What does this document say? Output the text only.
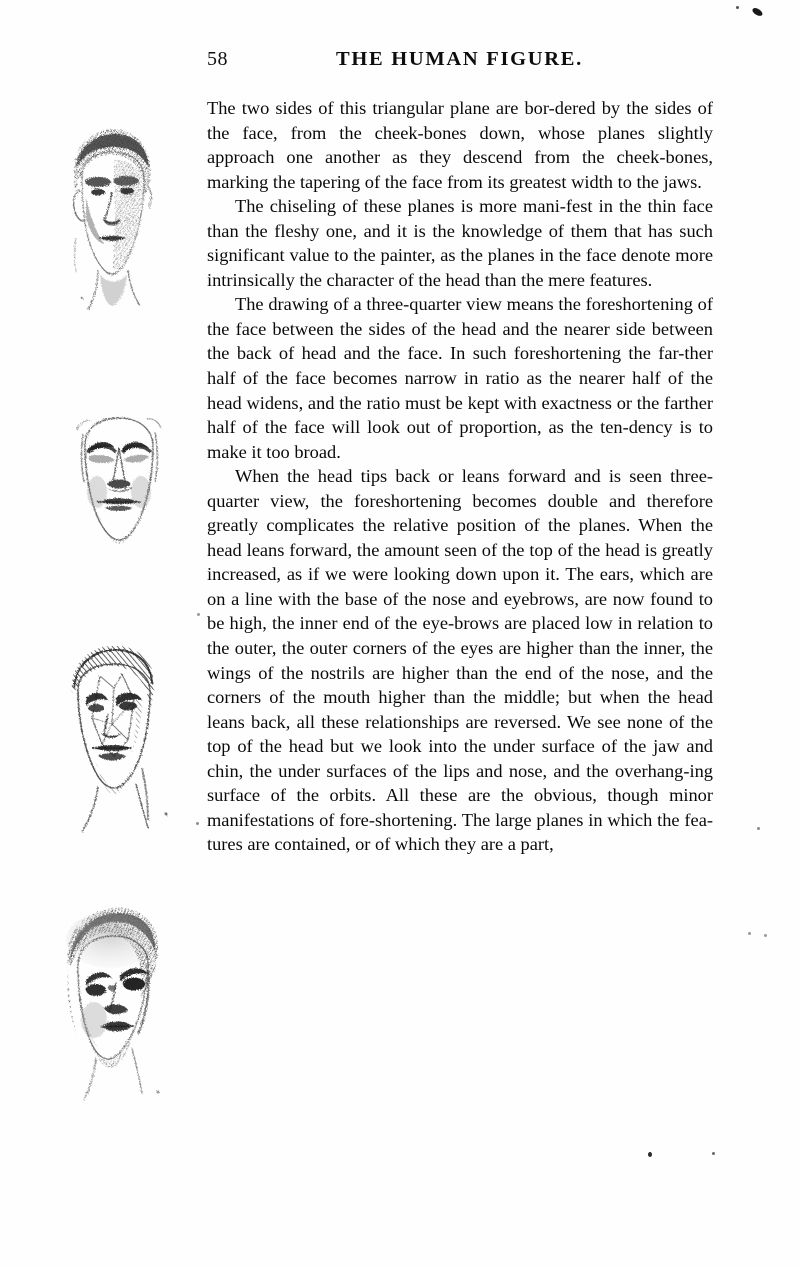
58	THE HUMAN FIGURE.

The two sides of this triangular plane are bor-dered by the sides of the face, from the cheek-bones down, whose planes slightly approach one another as they descend from the cheek-bones, marking the tapering of the face from its greatest width to the jaws.

The chiseling of these planes is more mani-fest in the thin face than the fleshy one, and it is the knowledge of them that has such significant value to the painter, as the planes in the face denote more intrinsically the character of the head than the mere features.

The drawing of a three-quarter view means the foreshortening of the face between the sides of the head and the nearer side between the back of head and the face. In such foreshortening the far-ther half of the face becomes narrow in ratio as the nearer half of the head widens, and the ratio must be kept with exactness or the farther half of the face will look out of proportion, as the ten-dency is to make it too broad.

When the head tips back or leans forward and is seen three-quarter view, the foreshortening becomes double and therefore greatly complicates the relative position of the planes. When the head leans forward, the amount seen of the top of the head is greatly increased, as if we were looking down upon it. The ears, which are on a line with the base of the nose and eyebrows, are now found to be high, the inner end of the eye-brows are placed low in relation to the outer, the outer corners of the eyes are higher than the inner, the wings of the nostrils are higher than the end of the nose, and the corners of the mouth higher than the middle; but when the head leans back, all these relationships are reversed. We see none of the top of the head but we look into the under surface of the jaw and chin, the under surfaces of the lips and nose, and the overhang-ing surface of the orbits. All these are the obvious, though minor manifestations of fore-shortening. The large planes in which the fea-tures are contained, or of which they are a part,
